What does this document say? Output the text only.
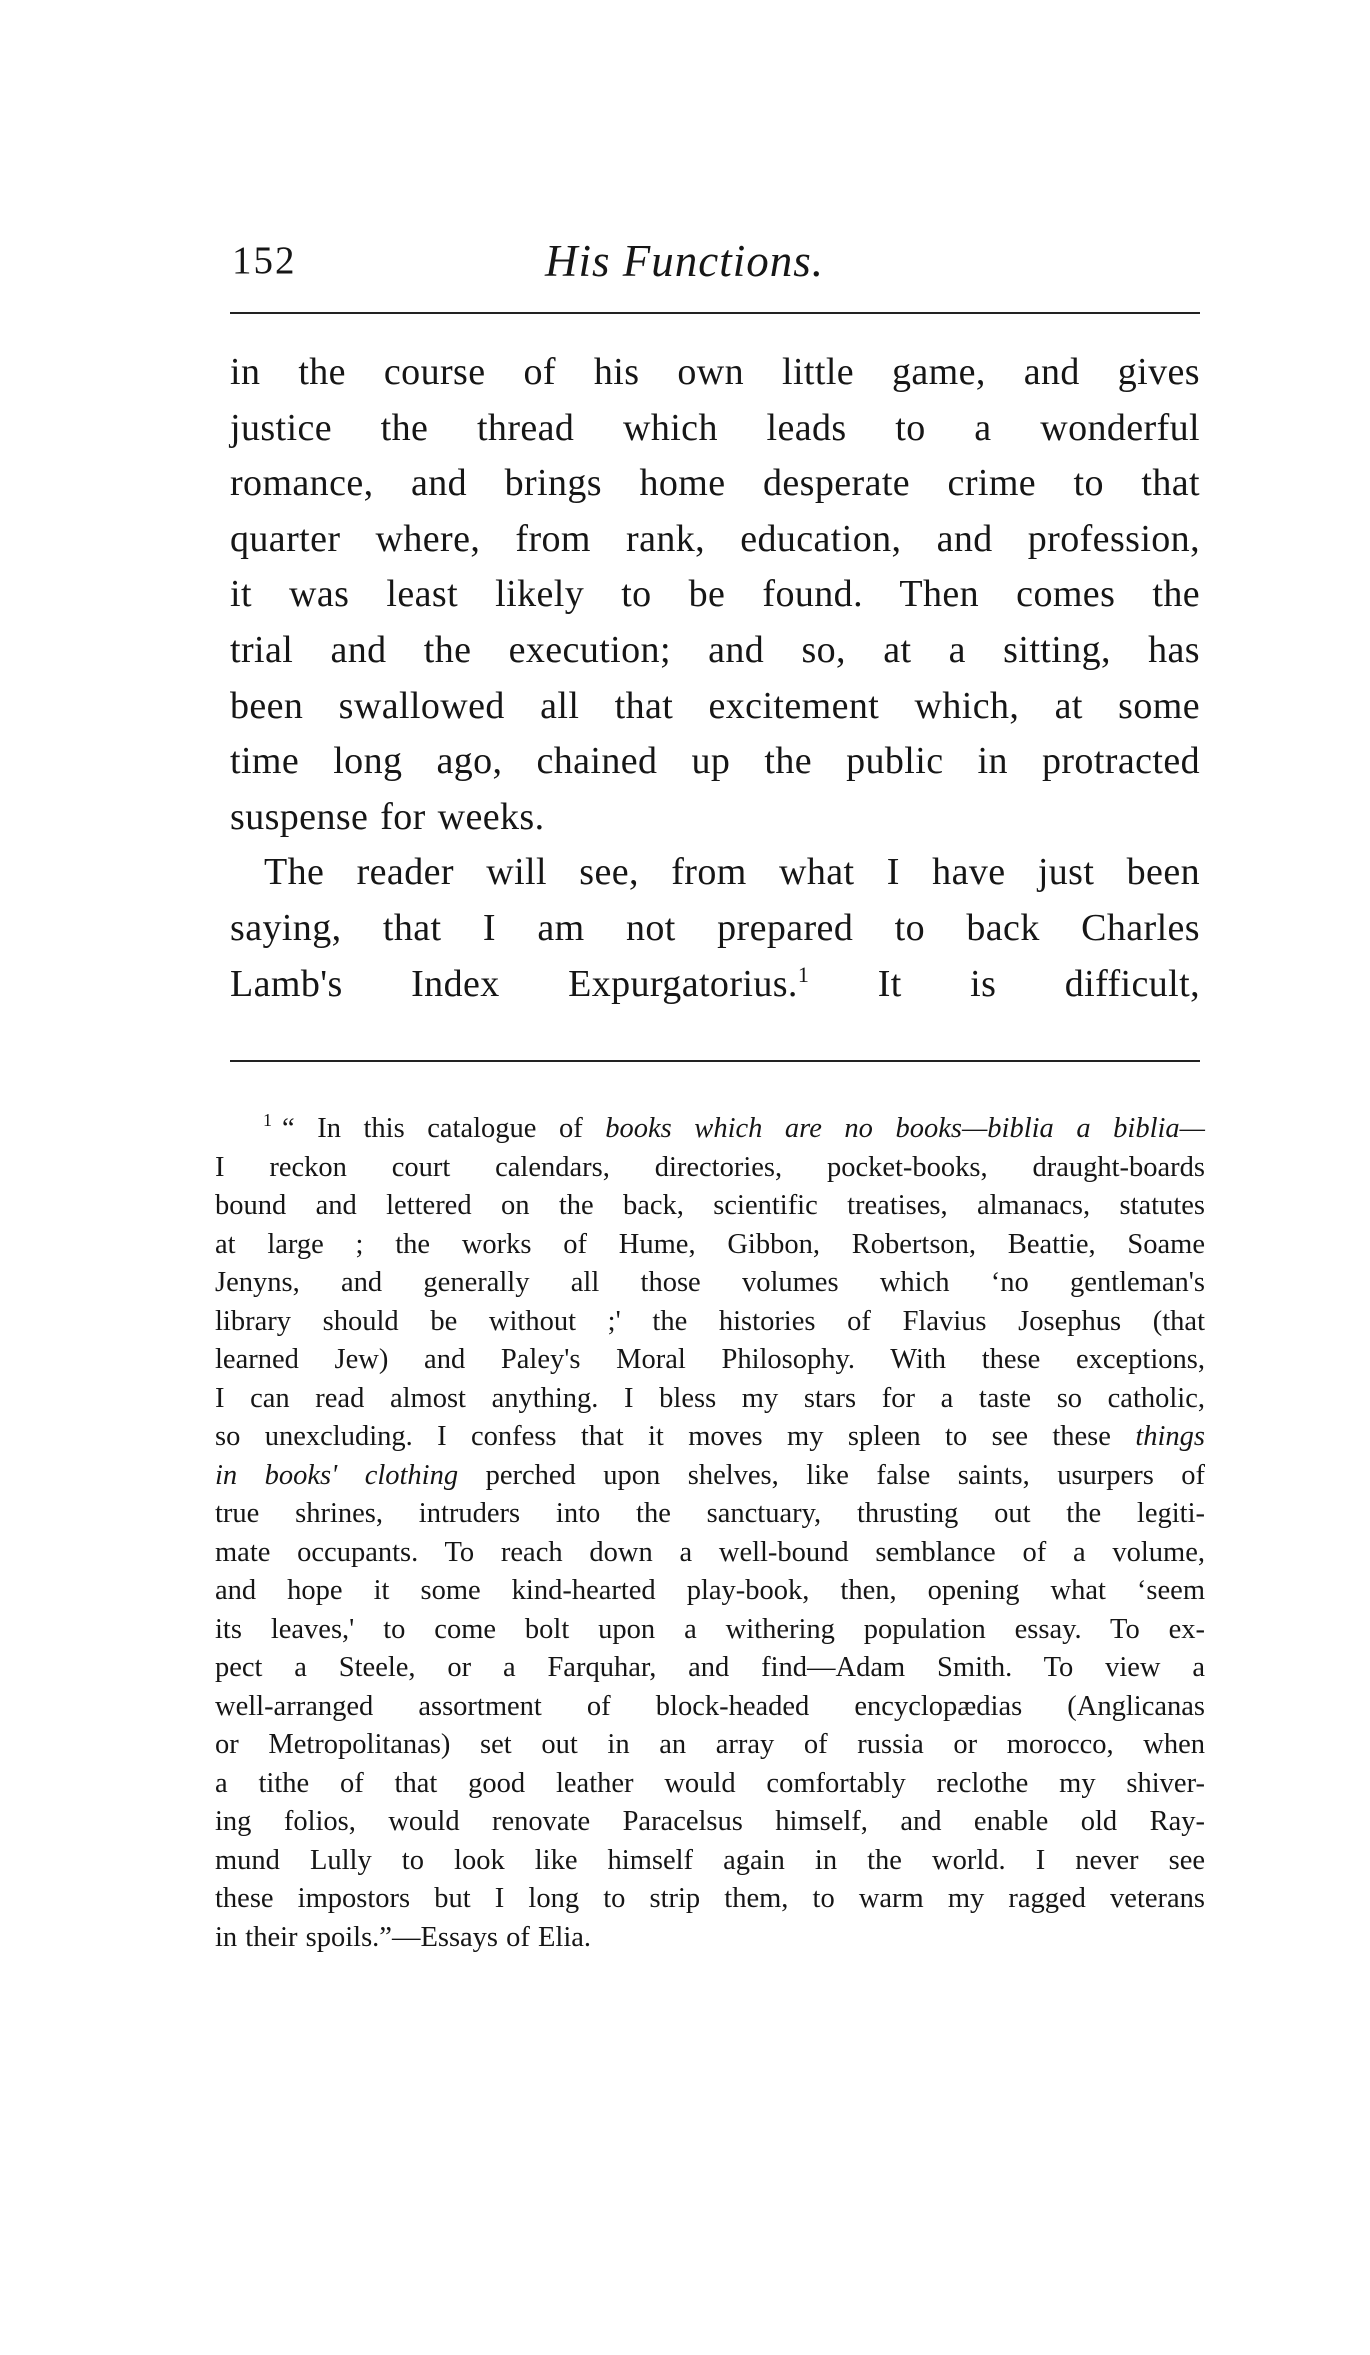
152	His Functions.
in the course of his own little game, and gives
justice the thread which leads to a wonderful
romance, and brings home desperate crime to that
quarter where, from rank, education, and profession,
it was least likely to be found. Then comes the
trial and the execution; and so, at a sitting, has
been swallowed all that excitement which, at some
time long ago, chained up the public in protracted
suspense for weeks.
The reader will see, from what I have just been
saying, that I am not prepared to back Charles
Lamb's Index Expurgatorius.$^1$ It is difficult,
$^1$ “ In this catalogue of books which are no books—biblia a biblia—
I reckon court calendars, directories, pocket-books, draught-boards
bound and lettered on the back, scientific treatises, almanacs, statutes
at large ; the works of Hume, Gibbon, Robertson, Beattie, Soame
Jenyns, and generally all those volumes which ‘no gentleman's
library should be without ;' the histories of Flavius Josephus (that
learned Jew) and Paley's Moral Philosophy. With these exceptions,
I can read almost anything. I bless my stars for a taste so catholic,
so unexcluding. I confess that it moves my spleen to see these things
in books' clothing perched upon shelves, like false saints, usurpers of
true shrines, intruders into the sanctuary, thrusting out the legiti-
mate occupants. To reach down a well-bound semblance of a volume,
and hope it some kind-hearted play-book, then, opening what ‘seem
its leaves,' to come bolt upon a withering population essay. To ex-
pect a Steele, or a Farquhar, and find—Adam Smith. To view a
well-arranged assortment of block-headed encyclopædias (Anglicanas
or Metropolitanas) set out in an array of russia or morocco, when
a tithe of that good leather would comfortably reclothe my shiver-
ing folios, would renovate Paracelsus himself, and enable old Ray-
mund Lully to look like himself again in the world. I never see
these impostors but I long to strip them, to warm my ragged veterans
in their spoils.”—Essays of Elia.
